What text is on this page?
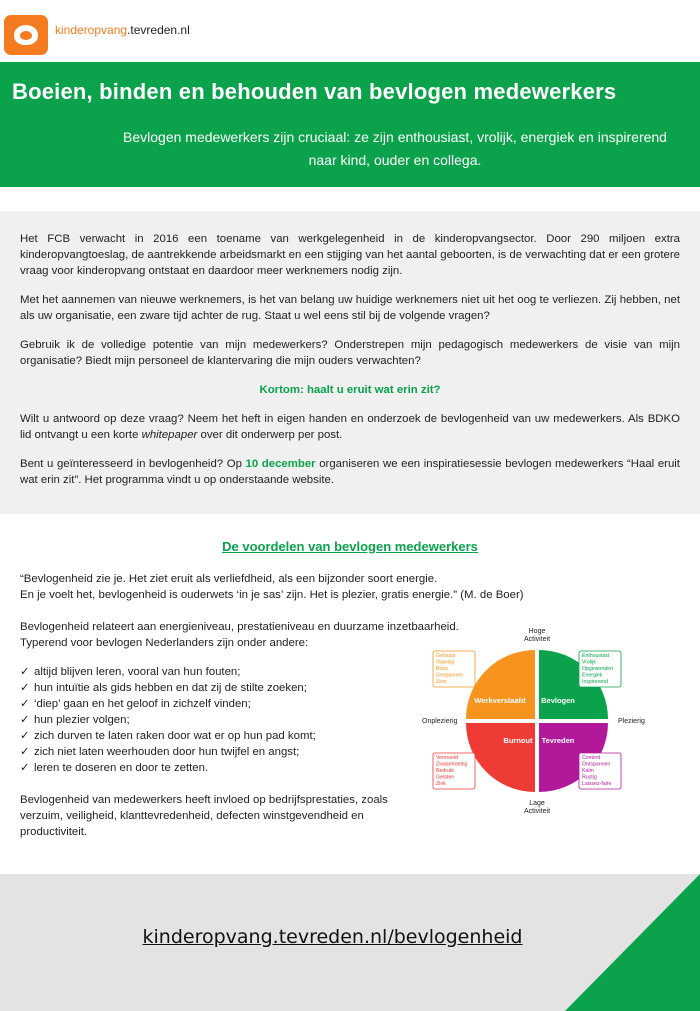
kinderopvang.tevreden.nl
Boeien, binden en behouden van bevlogen medewerkers
Bevlogen medewerkers zijn cruciaal: ze zijn enthousiast, vrolijk, energiek en inspirerend naar kind, ouder en collega.

Het FCB verwacht in 2016 een toename van werkgelegenheid in de kinderopvangsector. Door 290 miljoen extra kinderopvangtoeslag, de aantrekkende arbeidsmarkt en een stijging van het aantal geboorten, is de verwachting dat er een grotere vraag voor kinderopvang ontstaat en daardoor meer werknemers nodig zijn.

Met het aannemen van nieuwe werknemers, is het van belang uw huidige werknemers niet uit het oog te verliezen. Zij hebben, net als uw organisatie, een zware tijd achter de rug. Staat u wel eens stil bij de volgende vragen?

Gebruik ik de volledige potentie van mijn medewerkers? Onderstrepen mijn pedagogisch medewerkers de visie van mijn organisatie? Biedt mijn personeel de klantervaring die mijn ouders verwachten?

Kortom: haalt u eruit wat erin zit?

Wilt u antwoord op deze vraag? Neem het heft in eigen handen en onderzoek de bevlogenheid van uw medewerkers. Als BDKO lid ontvangt u een korte whitepaper over dit onderwerp per post.

Bent u geïnteresseerd in bevlogenheid? Op 10 december organiseren we een inspiratiesessie bevlogen medewerkers “Haal eruit wat erin zit”. Het programma vindt u op onderstaande website.

De voordelen van bevlogen medewerkers
“Bevlogenheid zie je. Het ziet eruit als verliefdheid, als een bijzonder soort energie.
En je voelt het, bevlogenheid is ouderwets ‘in je sas’ zijn. Het is plezier, gratis energie.” (M. de Boer)
Bevlogenheid relateert aan energieniveau, prestatieniveau en duurzame inzetbaarheid.
Typerend voor bevlogen Nederlanders zijn onder andere:
✓ altijd blijven leren, vooral van hun fouten;
✓ hun intuïtie als gids hebben en dat zij de stilte zoeken;
✓ ‘diep’ gaan en het geloof in zichzelf vinden;
✓ hun plezier volgen;
✓ zich durven te laten raken door wat er op hun pad komt;
✓ zich niet laten weerhouden door hun twijfel en angst;
✓ leren te doseren en door te zetten.
Bevlogenheid van medewerkers heeft invloed op bedrijfsprestaties, zoals verzuim, veiligheid, klanttevredenheid, defecten winstgevendheid en productiviteit.
Hoge
Activiteit
Lage
Activiteit
Onplezierig	Plezierig
Werkverslaafd Bevlogen
Burnout Tevreden
Gehaast
Vijandig
Boos
Gespannen
Zeur
Enthousiast
Vrolijk
Opgewonden
Energiek
Inspirerend
Vermoeid
Zwaarmoedig
Bedrukt
Gelaten
Ziek
Content
Ontspannen
Kalm
Rustig
Laissez-faire
kinderopvang.tevreden.nl/bevlogenheid
